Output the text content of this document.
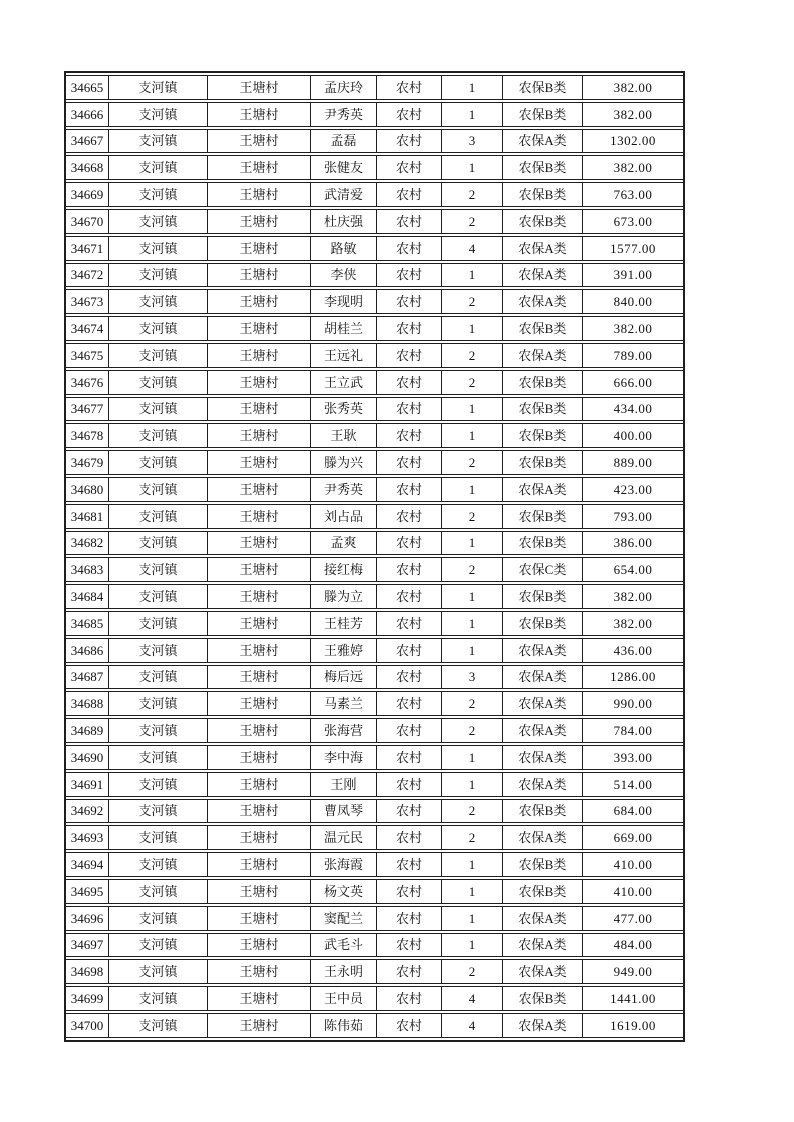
34665	支河镇	王塘村	孟庆玲	农村	1	农保B类	382.00
34666	支河镇	王塘村	尹秀英	农村	1	农保B类	382.00
34667	支河镇	王塘村	孟磊	农村	3	农保A类	1302.00
34668	支河镇	王塘村	张健友	农村	1	农保B类	382.00
34669	支河镇	王塘村	武清爱	农村	2	农保B类	763.00
34670	支河镇	王塘村	杜庆强	农村	2	农保B类	673.00
34671	支河镇	王塘村	路敏	农村	4	农保A类	1577.00
34672	支河镇	王塘村	李侠	农村	1	农保A类	391.00
34673	支河镇	王塘村	李现明	农村	2	农保A类	840.00
34674	支河镇	王塘村	胡桂兰	农村	1	农保B类	382.00
34675	支河镇	王塘村	王远礼	农村	2	农保A类	789.00
34676	支河镇	王塘村	王立武	农村	2	农保B类	666.00
34677	支河镇	王塘村	张秀英	农村	1	农保B类	434.00
34678	支河镇	王塘村	王耿	农村	1	农保B类	400.00
34679	支河镇	王塘村	滕为兴	农村	2	农保B类	889.00
34680	支河镇	王塘村	尹秀英	农村	1	农保A类	423.00
34681	支河镇	王塘村	刘占品	农村	2	农保B类	793.00
34682	支河镇	王塘村	孟爽	农村	1	农保B类	386.00
34683	支河镇	王塘村	接红梅	农村	2	农保C类	654.00
34684	支河镇	王塘村	滕为立	农村	1	农保B类	382.00
34685	支河镇	王塘村	王桂芳	农村	1	农保B类	382.00
34686	支河镇	王塘村	王雅婷	农村	1	农保A类	436.00
34687	支河镇	王塘村	梅后远	农村	3	农保A类	1286.00
34688	支河镇	王塘村	马素兰	农村	2	农保A类	990.00
34689	支河镇	王塘村	张海营	农村	2	农保A类	784.00
34690	支河镇	王塘村	李中海	农村	1	农保A类	393.00
34691	支河镇	王塘村	王刚	农村	1	农保A类	514.00
34692	支河镇	王塘村	曹凤琴	农村	2	农保B类	684.00
34693	支河镇	王塘村	温元民	农村	2	农保A类	669.00
34694	支河镇	王塘村	张海霞	农村	1	农保B类	410.00
34695	支河镇	王塘村	杨文英	农村	1	农保B类	410.00
34696	支河镇	王塘村	窦配兰	农村	1	农保A类	477.00
34697	支河镇	王塘村	武毛斗	农村	1	农保A类	484.00
34698	支河镇	王塘村	王永明	农村	2	农保A类	949.00
34699	支河镇	王塘村	王中员	农村	4	农保B类	1441.00
34700	支河镇	王塘村	陈伟茹	农村	4	农保A类	1619.00
